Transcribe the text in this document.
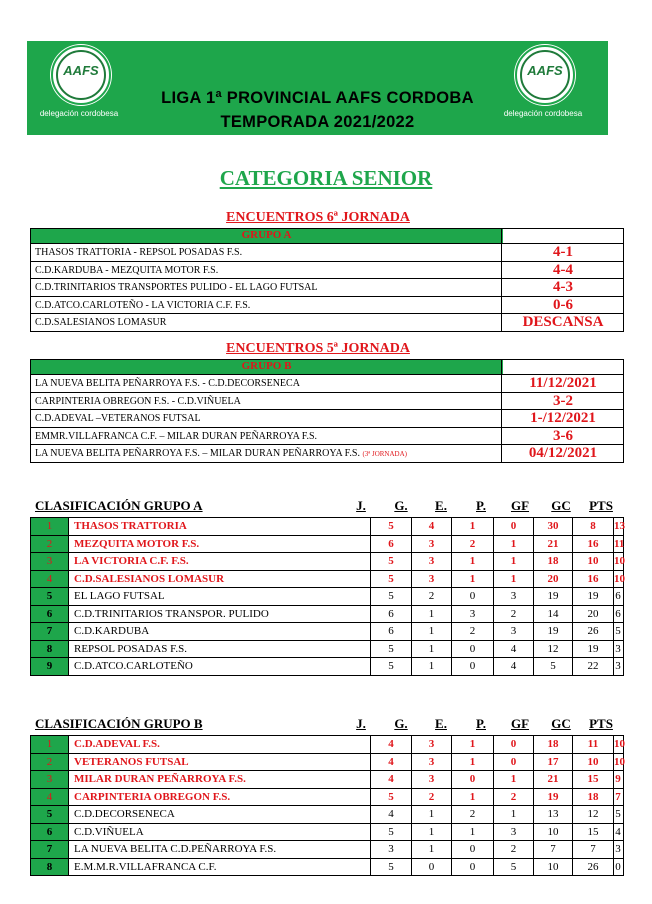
AAFS
delegación cordobesa
AAFS
delegación cordobesa
LIGA 1ª PROVINCIAL AAFS CORDOBA
TEMPORADA 2021/2022
CATEGORIA SENIOR
ENCUENTROS 6ª JORNADA
GRUPO A
THASOS TRATTORIA - REPSOL POSADAS F.S.	4-1
C.D.KARDUBA - MEZQUITA MOTOR F.S.	4-4
C.D.TRINITARIOS TRANSPORTES PULIDO - EL LAGO FUTSAL	4-3
C.D.ATCO.CARLOTEÑO - LA VICTORIA C.F. F.S.	0-6
C.D.SALESIANOS LOMASUR	DESCANSA
ENCUENTROS 5ª JORNADA
GRUPO B
LA NUEVA BELITA PEÑARROYA F.S. - C.D.DECORSENECA	11/12/2021
CARPINTERIA OBREGON F.S. - C.D.VIÑUELA	3-2
C.D.ADEVAL –VETERANOS FUTSAL	1-/12/2021
EMMR.VILLAFRANCA C.F. – MILAR DURAN PEÑARROYA F.S.	3-6
LA NUEVA BELITA PEÑARROYA F.S. – MILAR DURAN PEÑARROYA F.S. (3ª JORNADA)	04/12/2021
CLASIFICACIÓN GRUPO A	J.	G.	E.	P.	GF	GC	PTS
1	THASOS TRATTORIA	5	4	1	0	30	8	13
2	MEZQUITA MOTOR F.S.	6	3	2	1	21	16	11
3	LA VICTORIA C.F. F.S.	5	3	1	1	18	10	10
4	C.D.SALESIANOS LOMASUR	5	3	1	1	20	16	10
5	EL LAGO FUTSAL	5	2	0	3	19	19	6
6	C.D.TRINITARIOS TRANSPOR. PULIDO	6	1	3	2	14	20	6
7	C.D.KARDUBA	6	1	2	3	19	26	5
8	REPSOL POSADAS F.S.	5	1	0	4	12	19	3
9	C.D.ATCO.CARLOTEÑO	5	1	0	4	5	22	3
CLASIFICACIÓN GRUPO B	J.	G.	E.	P.	GF	GC	PTS
1	C.D.ADEVAL F.S.	4	3	1	0	18	11	10
2	VETERANOS FUTSAL	4	3	1	0	17	10	10
3	MILAR DURAN PEÑARROYA F.S.	4	3	0	1	21	15	9
4	CARPINTERIA OBREGON F.S.	5	2	1	2	19	18	7
5	C.D.DECORSENECA	4	1	2	1	13	12	5
6	C.D.VIÑUELA	5	1	1	3	10	15	4
7	LA NUEVA BELITA C.D.PEÑARROYA F.S.	3	1	0	2	7	7	3
8	E.M.M.R.VILLAFRANCA C.F.	5	0	0	5	10	26	0
